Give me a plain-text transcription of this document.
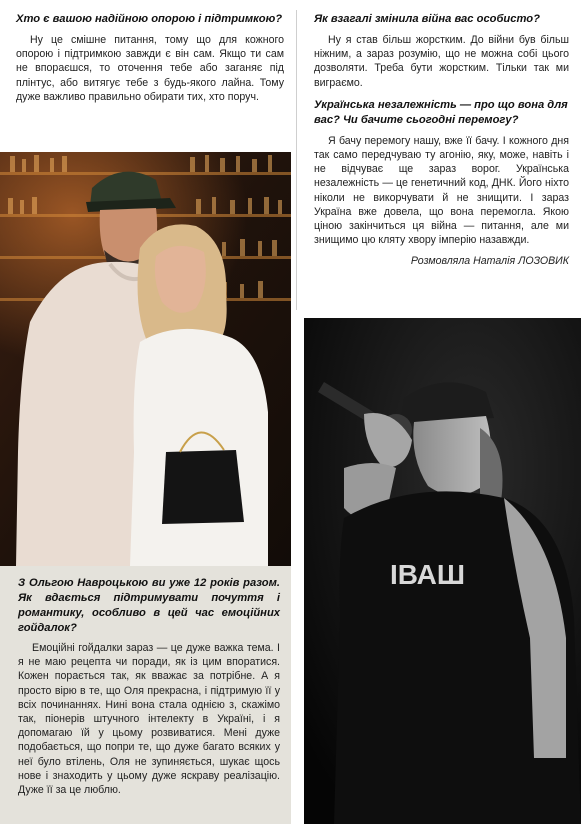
Хто є вашою надійною опорою і підтримкою?

Ну це смішне питання, тому що для кожного опорою і підтримкою завжди є він сам. Якщо ти сам не впораєшся, то оточення тебе або заганяє під плінтус, або витягує тебе з будь-якого лайна. Тому дуже важливо правильно обирати тих, хто поруч.

З Ольгою Навроцькою ви уже 12 років разом. Як вдається підтримувати почуття і романтику, особливо в цей час емоційних гойдалок?

Емоційні гойдалки зараз — це дуже важка тема. І я не маю рецепта чи поради, як із цим впоратися. Кожен порається так, як вважає за потрібне. А я просто вірю в те, що Оля прекрасна, і підтримую її у всіх починаннях. Нині вона стала однією з, скажімо так, піонерів штучного інтелекту в Україні, і я допомагаю їй у цьому розвиватися. Мені дуже подобається, що попри те, що дуже багато всяких у неї було втілень, Оля не зупиняється, шукає щось нове і знаходить у цьому дуже яскраву реалізацію. Дуже її за це люблю.

Як взагалі змінила війна вас особисто?

Ну я став більш жорстким. До війни був більш ніжним, а зараз розумію, що не можна собі цього дозволяти. Треба бути жорстким. Тільки так ми виграємо.

Українська незалежність — про що вона для вас? Чи бачите сьогодні перемогу?

Я бачу перемогу нашу, вже її бачу. І кожного дня так само передчуваю ту агонію, яку, може, навіть і не відчуває ще зараз ворог. Українська незалежність — це генетичний код, ДНК. Його ніхто ніколи не викорчувати й не знищити. І зараз Україна вже довела, що вона перемогла. Якою ціною закінчиться ця війна — питання, але ми знищимо цю кляту хвору імперію назавжди.

Розмовляла Наталія ЛОЗОВИК

ІВАШ
